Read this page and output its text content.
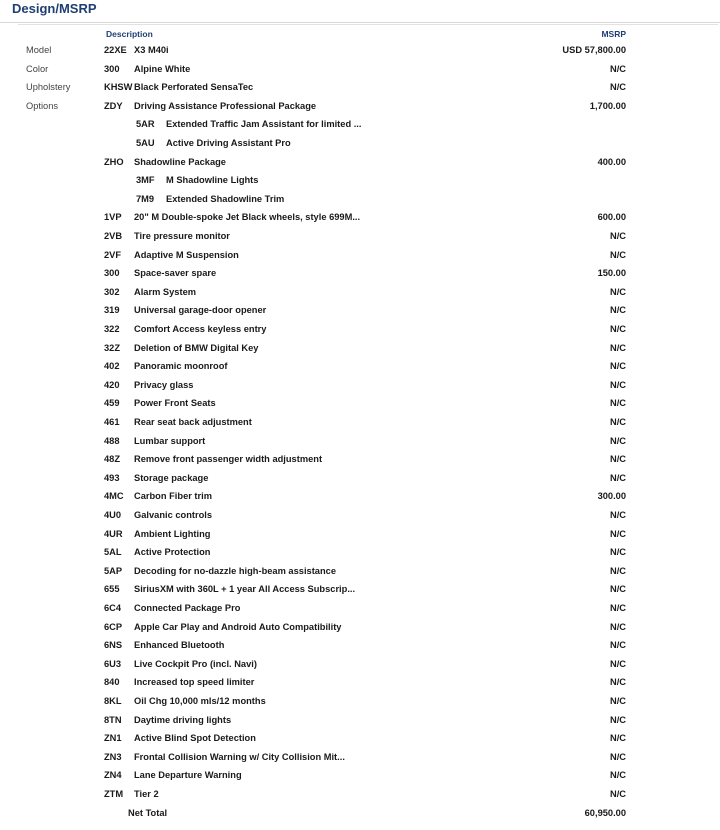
Design/MSRP
Description	MSRP
Model	22XE X3 M40i	USD 57,800.00
Color	300 Alpine White	N/C
Upholstery	KHSW Black Perforated SensaTec	N/C
Options	ZDY Driving Assistance Professional Package	1,700.00
5AR Extended Traffic Jam Assistant for limited ...
5AU Active Driving Assistant Pro
ZHO Shadowline Package	400.00
3MF M Shadowline Lights
7M9 Extended Shadowline Trim
1VP 20" M Double-spoke Jet Black wheels, style 699M...	600.00
2VB Tire pressure monitor	N/C
2VF Adaptive M Suspension	N/C
300 Space-saver spare	150.00
302 Alarm System	N/C
319 Universal garage-door opener	N/C
322 Comfort Access keyless entry	N/C
32Z Deletion of BMW Digital Key	N/C
402 Panoramic moonroof	N/C
420 Privacy glass	N/C
459 Power Front Seats	N/C
461 Rear seat back adjustment	N/C
488 Lumbar support	N/C
48Z Remove front passenger width adjustment	N/C
493 Storage package	N/C
4MC Carbon Fiber trim	300.00
4U0 Galvanic controls	N/C
4UR Ambient Lighting	N/C
5AL Active Protection	N/C
5AP Decoding for no-dazzle high-beam assistance	N/C
655 SiriusXM with 360L + 1 year All Access Subscrip...	N/C
6C4 Connected Package Pro	N/C
6CP Apple Car Play and Android Auto Compatibility	N/C
6NS Enhanced Bluetooth	N/C
6U3 Live Cockpit Pro (incl. Navi)	N/C
840 Increased top speed limiter	N/C
8KL Oil Chg 10,000 mls/12 months	N/C
8TN Daytime driving lights	N/C
ZN1 Active Blind Spot Detection	N/C
ZN3 Frontal Collision Warning w/ City Collision Mit...	N/C
ZN4 Lane Departure Warning	N/C
ZTM Tier 2	N/C
Net Total	60,950.00
